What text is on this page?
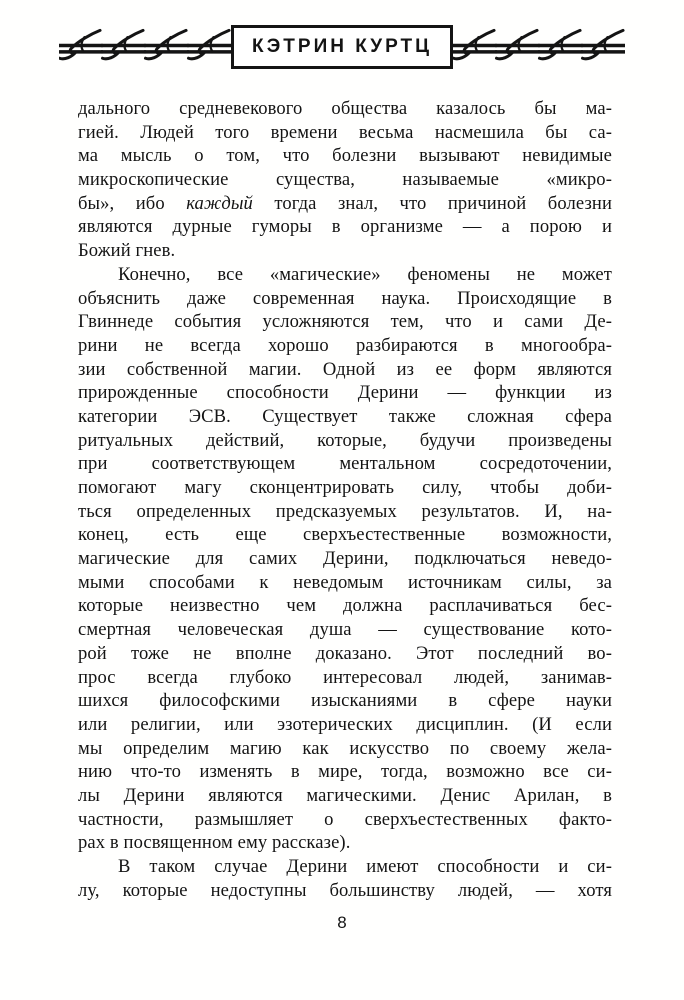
КЭТРИН КУРТЦ
дального средневекового общества казалось бы ма-
гией. Людей того времени весьма насмешила бы са-
ма мысль о том, что болезни вызывают невидимые
микроскопические существа, называемые «микро-
бы», ибо каждый тогда знал, что причиной болезни
являются дурные гуморы в организме — а порою и
Божий гнев.
Конечно, все «магические» феномены не может
объяснить даже современная наука. Происходящие в
Гвиннеде события усложняются тем, что и сами Де-
рини не всегда хорошо разбираются в многообра-
зии собственной магии. Одной из ее форм являются
прирожденные способности Дерини — функции из
категории ЭСВ. Существует также сложная сфера
ритуальных действий, которые, будучи произведены
при соответствующем ментальном сосредоточении,
помогают магу сконцентрировать силу, чтобы доби-
ться определенных предсказуемых результатов. И, на-
конец, есть еще сверхъестественные возможности,
магические для самих Дерини, подключаться неведо-
мыми способами к неведомым источникам силы, за
которые неизвестно чем должна расплачиваться бес-
смертная человеческая душа — существование кото-
рой тоже не вполне доказано. Этот последний во-
прос всегда глубоко интересовал людей, занимав-
шихся философскими изысканиями в сфере науки
или религии, или эзотерических дисциплин. (И если
мы определим магию как искусство по своему жела-
нию что-то изменять в мире, тогда, возможно все си-
лы Дерини являются магическими. Денис Арилан, в
частности, размышляет о сверхъестественных факто-
рах в посвященном ему рассказе).
В таком случае Дерини имеют способности и си-
лу, которые недоступны большинству людей, — хотя
8
